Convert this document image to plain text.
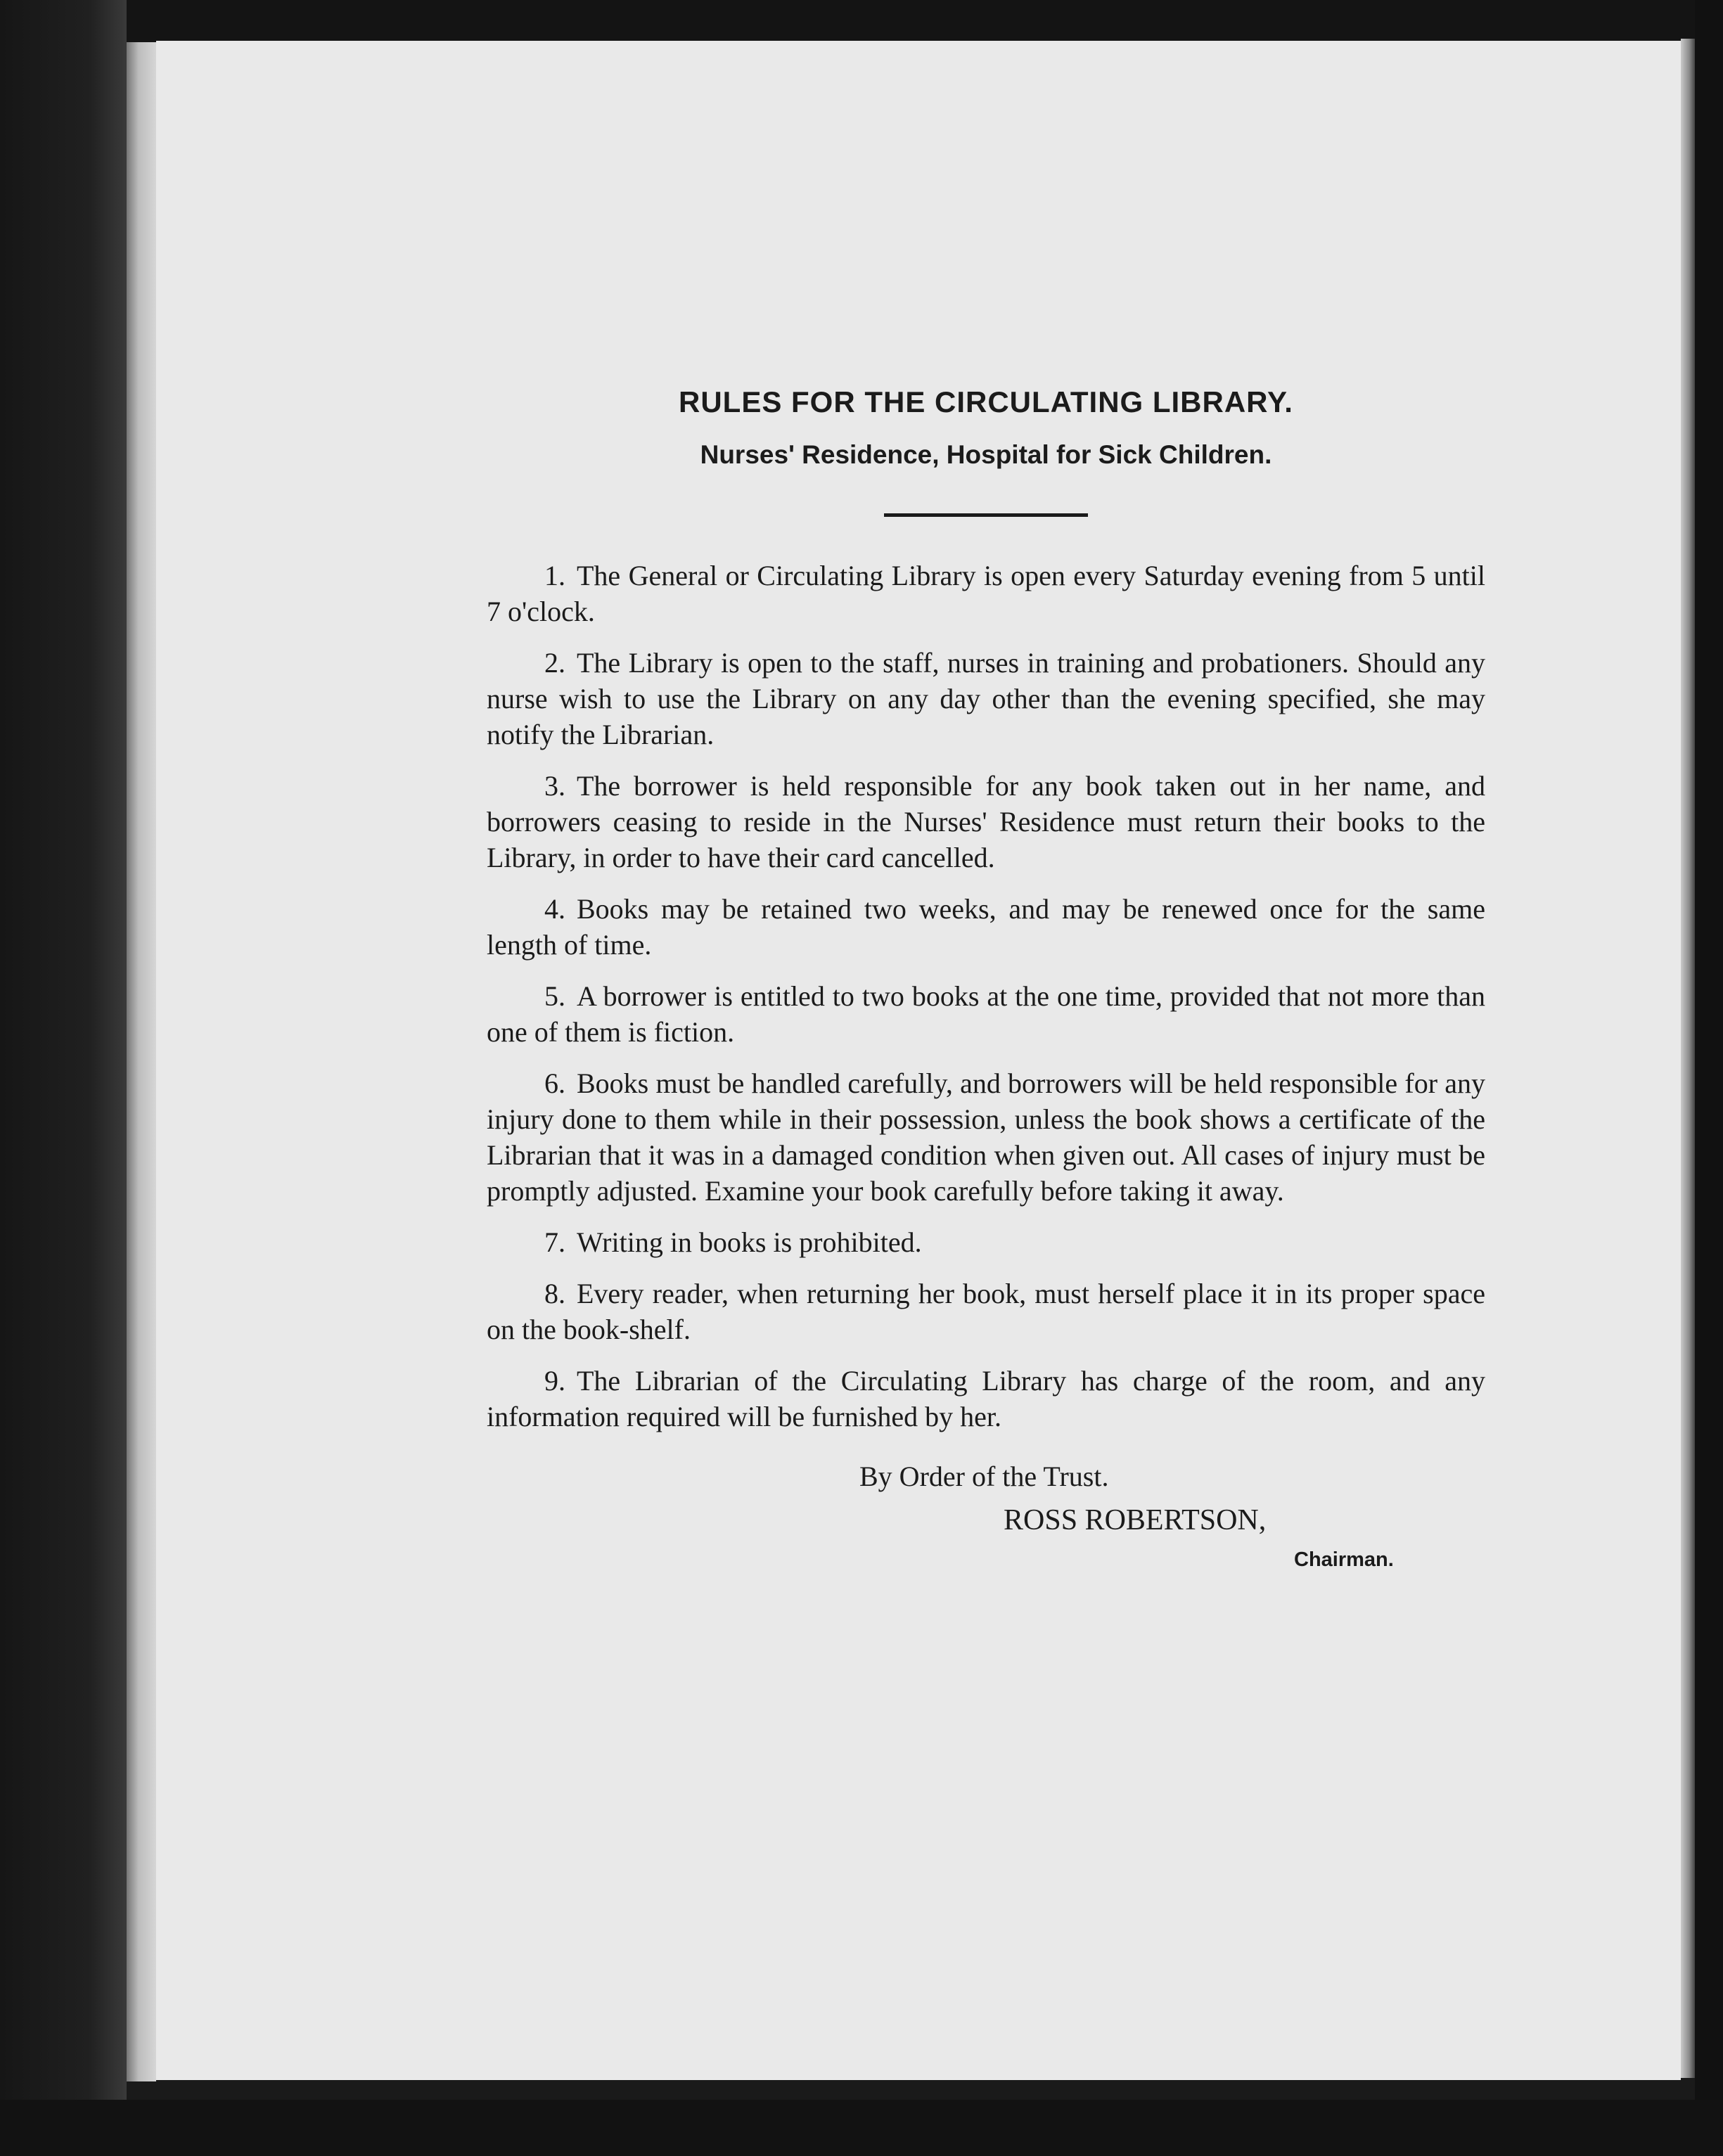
RULES FOR THE CIRCULATING LIBRARY.
Nurses' Residence, Hospital for Sick Children.
1. The General or Circulating Library is open every Saturday evening from 5 until 7 o'clock.
2. The Library is open to the staff, nurses in training and probationers. Should any nurse wish to use the Library on any day other than the evening specified, she may notify the Librarian.
3. The borrower is held responsible for any book taken out in her name, and borrowers ceasing to reside in the Nurses' Residence must return their books to the Library, in order to have their card cancelled.
4. Books may be retained two weeks, and may be renewed once for the same length of time.
5. A borrower is entitled to two books at the one time, provided that not more than one of them is fiction.
6. Books must be handled carefully, and borrowers will be held responsible for any injury done to them while in their possession, unless the book shows a certificate of the Librarian that it was in a damaged condition when given out. All cases of injury must be promptly adjusted. Examine your book carefully before taking it away.
7. Writing in books is prohibited.
8. Every reader, when returning her book, must herself place it in its proper space on the book-shelf.
9. The Librarian of the Circulating Library has charge of the room, and any information required will be furnished by her.
By Order of the Trust.
ROSS ROBERTSON,
Chairman.
